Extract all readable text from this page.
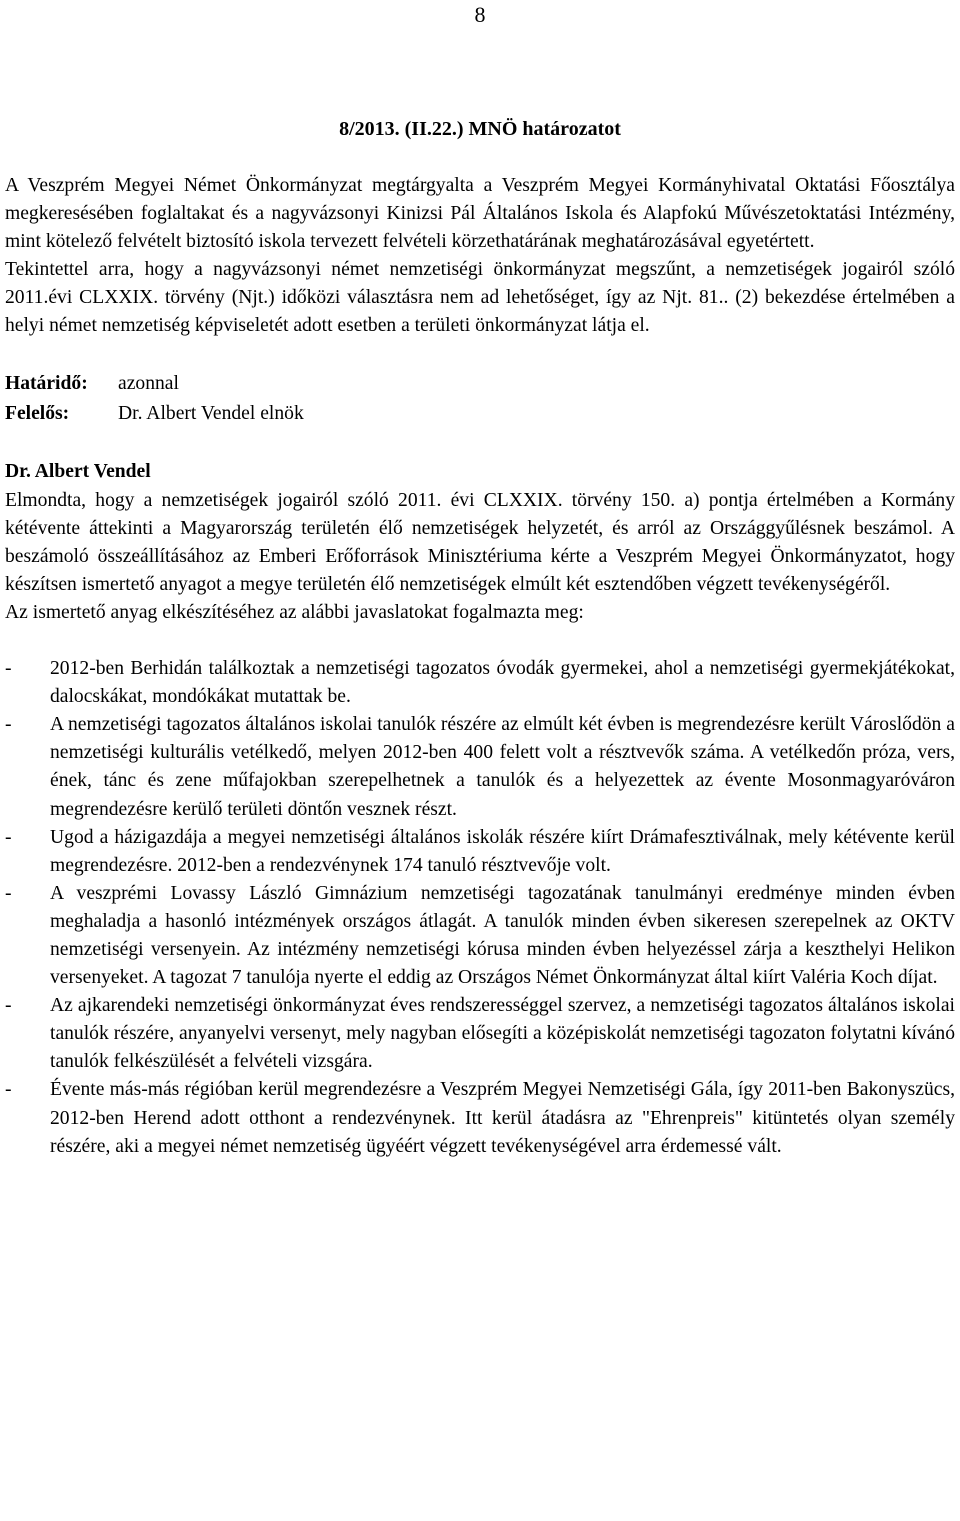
8

8/2013. (II.22.) MNÖ határozatot

A Veszprém Megyei Német Önkormányzat megtárgyalta a Veszprém Megyei Kormányhivatal Oktatási Főosztálya megkeresésében foglaltakat és a nagyvázsonyi Kinizsi Pál Általános Iskola és Alapfokú Művészetoktatási Intézmény, mint kötelező felvételt biztosító iskola tervezett felvételi körzethatárának meghatározásával egyetértett.

Tekintettel arra, hogy a nagyvázsonyi német nemzetiségi önkormányzat megszűnt, a nemzetiségek jogairól szóló 2011.évi CLXXIX. törvény (Njt.) időközi választásra nem ad lehetőséget, így az Njt. 81.. (2) bekezdése értelmében a helyi német nemzetiség képviseletét adott esetben a területi önkormányzat látja el.

Határidő: azonnal

Felelős: Dr. Albert Vendel elnök

Dr. Albert Vendel

Elmondta, hogy a nemzetiségek jogairól szóló 2011. évi CLXXIX. törvény 150. a) pontja értelmében a Kormány kétévente áttekinti a Magyarország területén élő nemzetiségek helyzetét, és arról az Országgyűlésnek beszámol. A beszámoló összeállításához az Emberi Erőforrások Minisztériuma kérte a Veszprém Megyei Önkormányzatot, hogy készítsen ismertető anyagot a megye területén élő nemzetiségek elmúlt két esztendőben végzett tevékenységéről.

Az ismertető anyag elkészítéséhez az alábbi javaslatokat fogalmazta meg:

- 2012-ben Berhidán találkoztak a nemzetiségi tagozatos óvodák gyermekei, ahol a nemzetiségi gyermekjátékokat, dalocskákat, mondókákat mutattak be.
- A nemzetiségi tagozatos általános iskolai tanulók részére az elmúlt két évben is megrendezésre került Városlődön a nemzetiségi kulturális vetélkedő, melyen 2012-ben 400 felett volt a résztvevők száma. A vetélkedőn próza, vers, ének, tánc és zene műfajokban szerepelhetnek a tanulók és a helyezettek az évente Mosonmagyaróváron megrendezésre kerülő területi döntőn vesznek részt.
- Ugod a házigazdája a megyei nemzetiségi általános iskolák részére kiírt Drámafesztiválnak, mely kétévente kerül megrendezésre. 2012-ben a rendezvénynek 174 tanuló résztvevője volt.
- A veszprémi Lovassy László Gimnázium nemzetiségi tagozatának tanulmányi eredménye minden évben meghaladja a hasonló intézmények országos átlagát. A tanulók minden évben sikeresen szerepelnek az OKTV nemzetiségi versenyein. Az intézmény nemzetiségi kórusa minden évben helyezéssel zárja a keszthelyi Helikon versenyeket. A tagozat 7 tanulója nyerte el eddig az Országos Német Önkormányzat által kiírt Valéria Koch díjat.
- Az ajkarendeki nemzetiségi önkormányzat éves rendszerességgel szervez, a nemzetiségi tagozatos általános iskolai tanulók részére, anyanyelvi versenyt, mely nagyban elősegíti a középiskolát nemzetiségi tagozaton folytatni kívánó tanulók felkészülését a felvételi vizsgára.
- Évente más-más régióban kerül megrendezésre a Veszprém Megyei Nemzetiségi Gála, így 2011-ben Bakonyszücs, 2012-ben Herend adott otthont a rendezvénynek. Itt kerül átadásra az "Ehrenpreis" kitüntetés olyan személy részére, aki a megyei német nemzetiség ügyéért végzett tevékenységével arra érdemessé vált.
